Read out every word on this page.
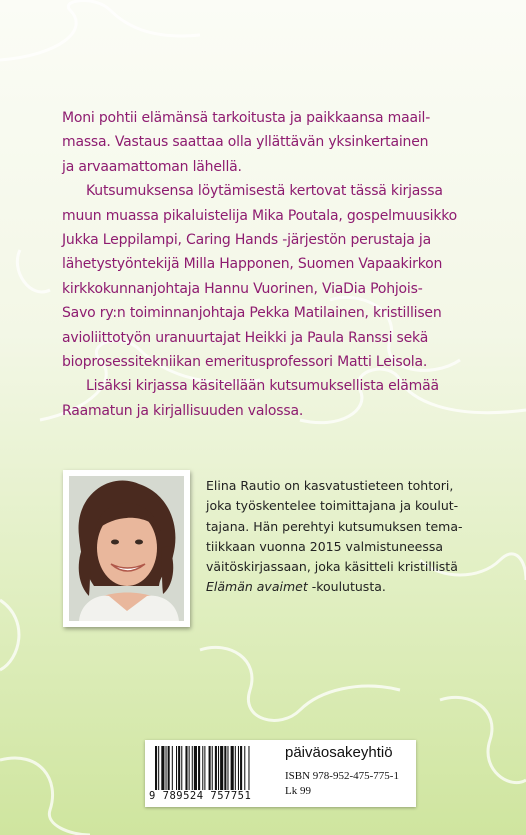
Moni pohtii elämänsä tarkoitusta ja paikkaansa maail-
massa. Vastaus saattaa olla yllättävän yksinkertainen
ja arvaamattoman lähellä.

Kutsumuksensa löytämisestä kertovat tässä kirjassa
muun muassa pikaluistelija Mika Poutala, gospelmuusikko
Jukka Leppilampi, Caring Hands -järjestön perustaja ja
lähetystyöntekijä Milla Happonen, Suomen Vapaakirkon
kirkkokunnanjohtaja Hannu Vuorinen, ViaDia Pohjois-
Savo ry:n toiminnanjohtaja Pekka Matilainen, kristillisen
avioliittotyön uranuurtajat Heikki ja Paula Ranssi sekä
bioprosessitekniikan emeritusprofessori Matti Leisola.

Lisäksi kirjassa käsitellään kutsumuksellista elämää
Raamatun ja kirjallisuuden valossa.

Elina Rautio on kasvatustieteen tohtori,
joka työskentelee toimittajana ja koulut-
tajana. Hän perehtyi kutsumuksen tema-
tiikkaan vuonna 2015 valmistuneessa
väitöskirjassaan, joka käsitteli kristillistä
Elämän avaimet -koulutusta.
9 789524 757751
päiväosakeyhtiö
ISBN 978-952-475-775-1
Lk 99
